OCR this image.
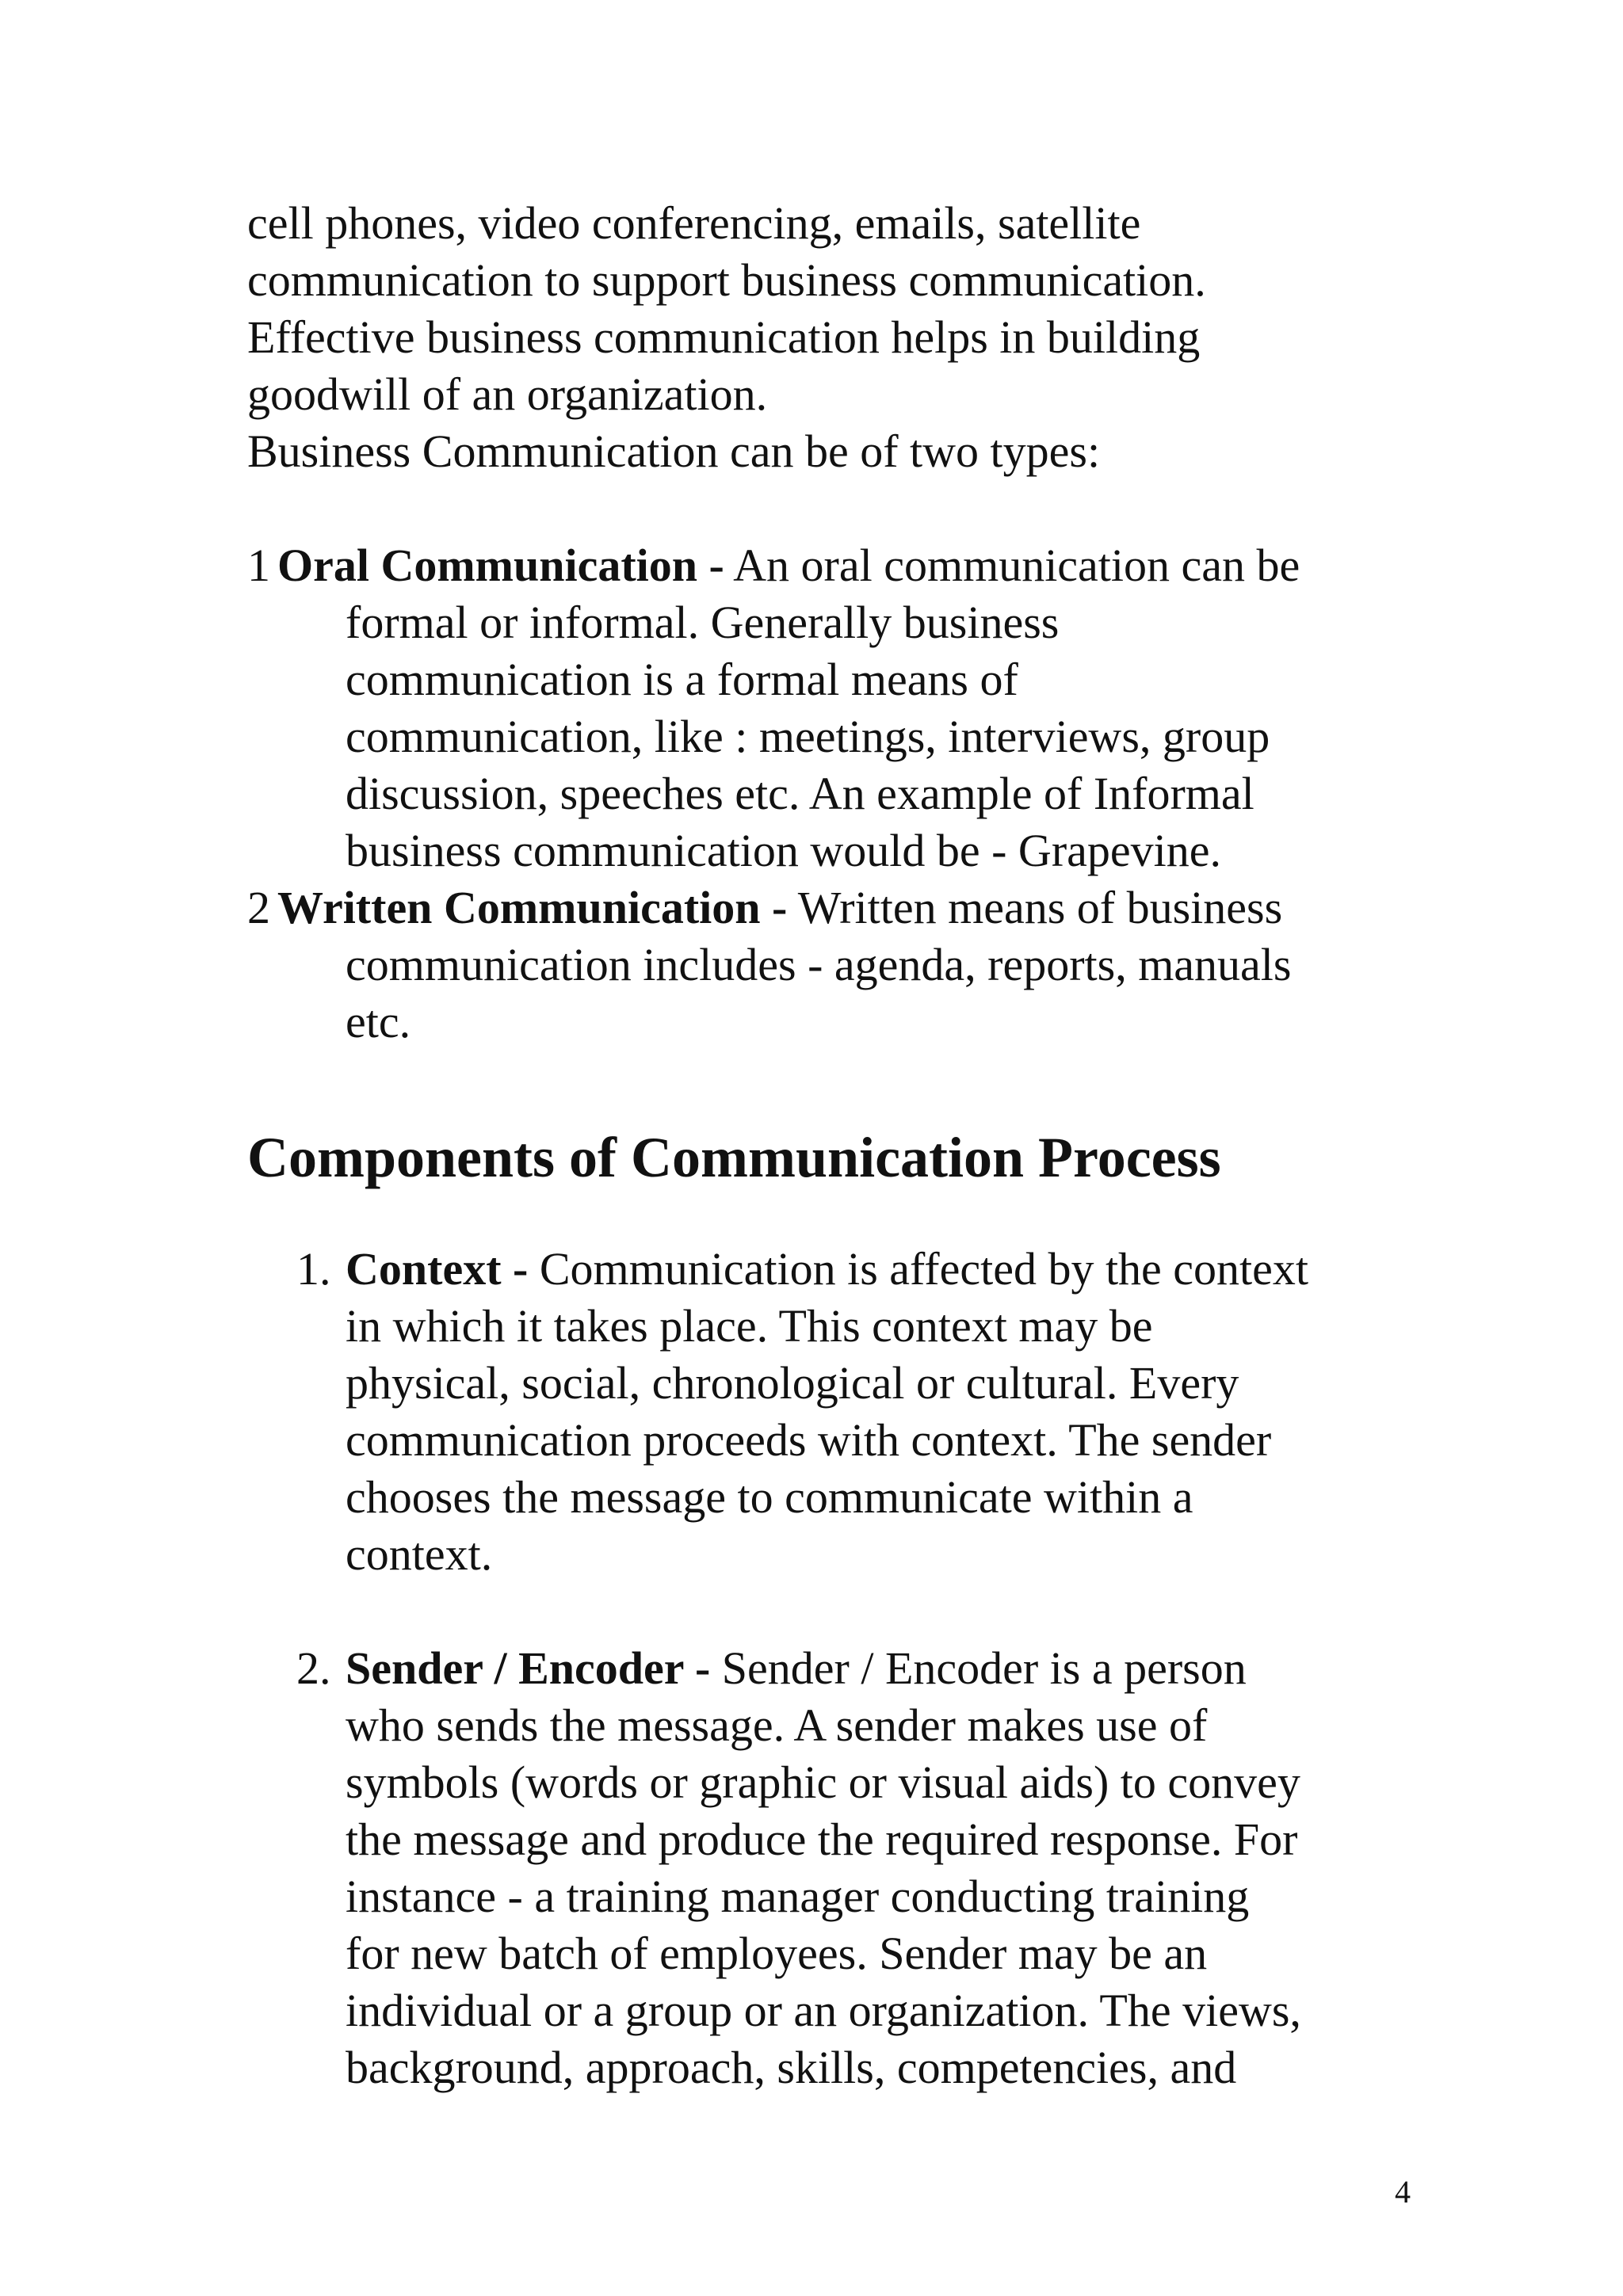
cell phones, video conferencing, emails, satellite
communication to support business communication.
Effective business communication helps in building
goodwill of an organization.
Business Communication can be of two types:
1 Oral Communication - An oral communication can be
formal or informal. Generally business
communication is a formal means of
communication, like : meetings, interviews, group
discussion, speeches etc. An example of Informal
business communication would be - Grapevine.
2 Written Communication - Written means of business
communication includes - agenda, reports, manuals
etc.
Components of Communication Process
1. Context - Communication is affected by the context
in which it takes place. This context may be
physical, social, chronological or cultural. Every
communication proceeds with context. The sender
chooses the message to communicate within a
context.
2. Sender / Encoder - Sender / Encoder is a person
who sends the message. A sender makes use of
symbols (words or graphic or visual aids) to convey
the message and produce the required response. For
instance - a training manager conducting training
for new batch of employees. Sender may be an
individual or a group or an organization. The views,
background, approach, skills, competencies, and
4
